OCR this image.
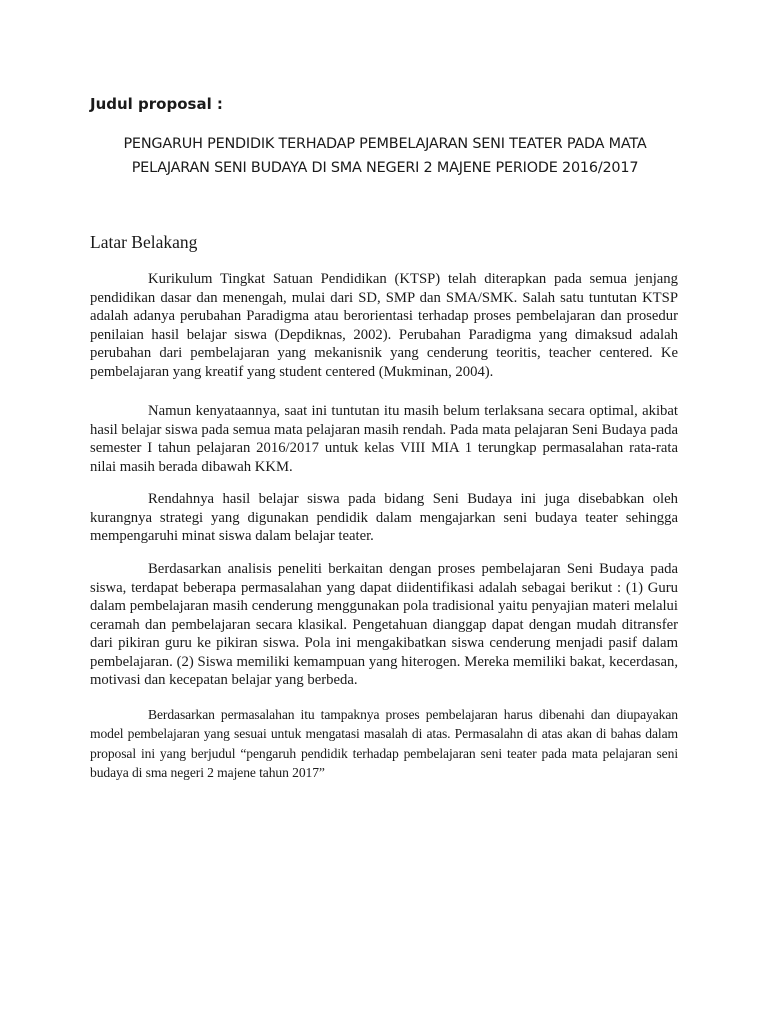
Judul proposal :
PENGARUH PENDIDIK TERHADAP PEMBELAJARAN SENI TEATER PADA MATA
PELAJARAN SENI BUDAYA DI SMA NEGERI 2 MAJENE PERIODE 2016/2017
Latar Belakang

Kurikulum Tingkat Satuan Pendidikan (KTSP) telah diterapkan pada semua jenjang pendidikan dasar dan menengah, mulai dari SD, SMP dan SMA/SMK. Salah satu tuntutan KTSP adalah adanya perubahan Paradigma atau berorientasi terhadap proses pembelajaran dan prosedur penilaian hasil belajar siswa (Depdiknas, 2002). Perubahan Paradigma yang dimaksud adalah perubahan dari pembelajaran yang mekanisnik yang cenderung teoritis, teacher centered. Ke pembelajaran yang kreatif yang student centered (Mukminan, 2004).

Namun kenyataannya, saat ini tuntutan itu masih belum terlaksana secara optimal, akibat hasil belajar siswa pada semua mata pelajaran masih rendah. Pada mata pelajaran Seni Budaya pada semester I tahun pelajaran 2016/2017 untuk kelas VIII MIA 1 terungkap permasalahan rata-rata nilai masih berada dibawah KKM.

Rendahnya hasil belajar siswa pada bidang Seni Budaya ini juga disebabkan oleh kurangnya strategi yang digunakan pendidik dalam mengajarkan seni budaya teater sehingga mempengaruhi minat siswa dalam belajar teater.

Berdasarkan analisis peneliti berkaitan dengan proses pembelajaran Seni Budaya pada siswa, terdapat beberapa permasalahan yang dapat diidentifikasi adalah sebagai berikut : (1) Guru dalam pembelajaran masih cenderung menggunakan pola tradisional yaitu penyajian materi melalui ceramah dan pembelajaran secara klasikal. Pengetahuan dianggap dapat dengan mudah ditransfer dari pikiran guru ke pikiran siswa. Pola ini mengakibatkan siswa cenderung menjadi pasif dalam pembelajaran. (2) Siswa memiliki kemampuan yang hiterogen. Mereka memiliki bakat, kecerdasan, motivasi dan kecepatan belajar yang berbeda.

Berdasarkan permasalahan itu tampaknya proses pembelajaran harus dibenahi dan diupayakan model pembelajaran yang sesuai untuk mengatasi masalah di atas. Permasalahn di atas akan di bahas dalam proposal ini yang berjudul “pengaruh pendidik terhadap pembelajaran seni teater pada mata pelajaran seni budaya di sma negeri 2 majene tahun 2017”
